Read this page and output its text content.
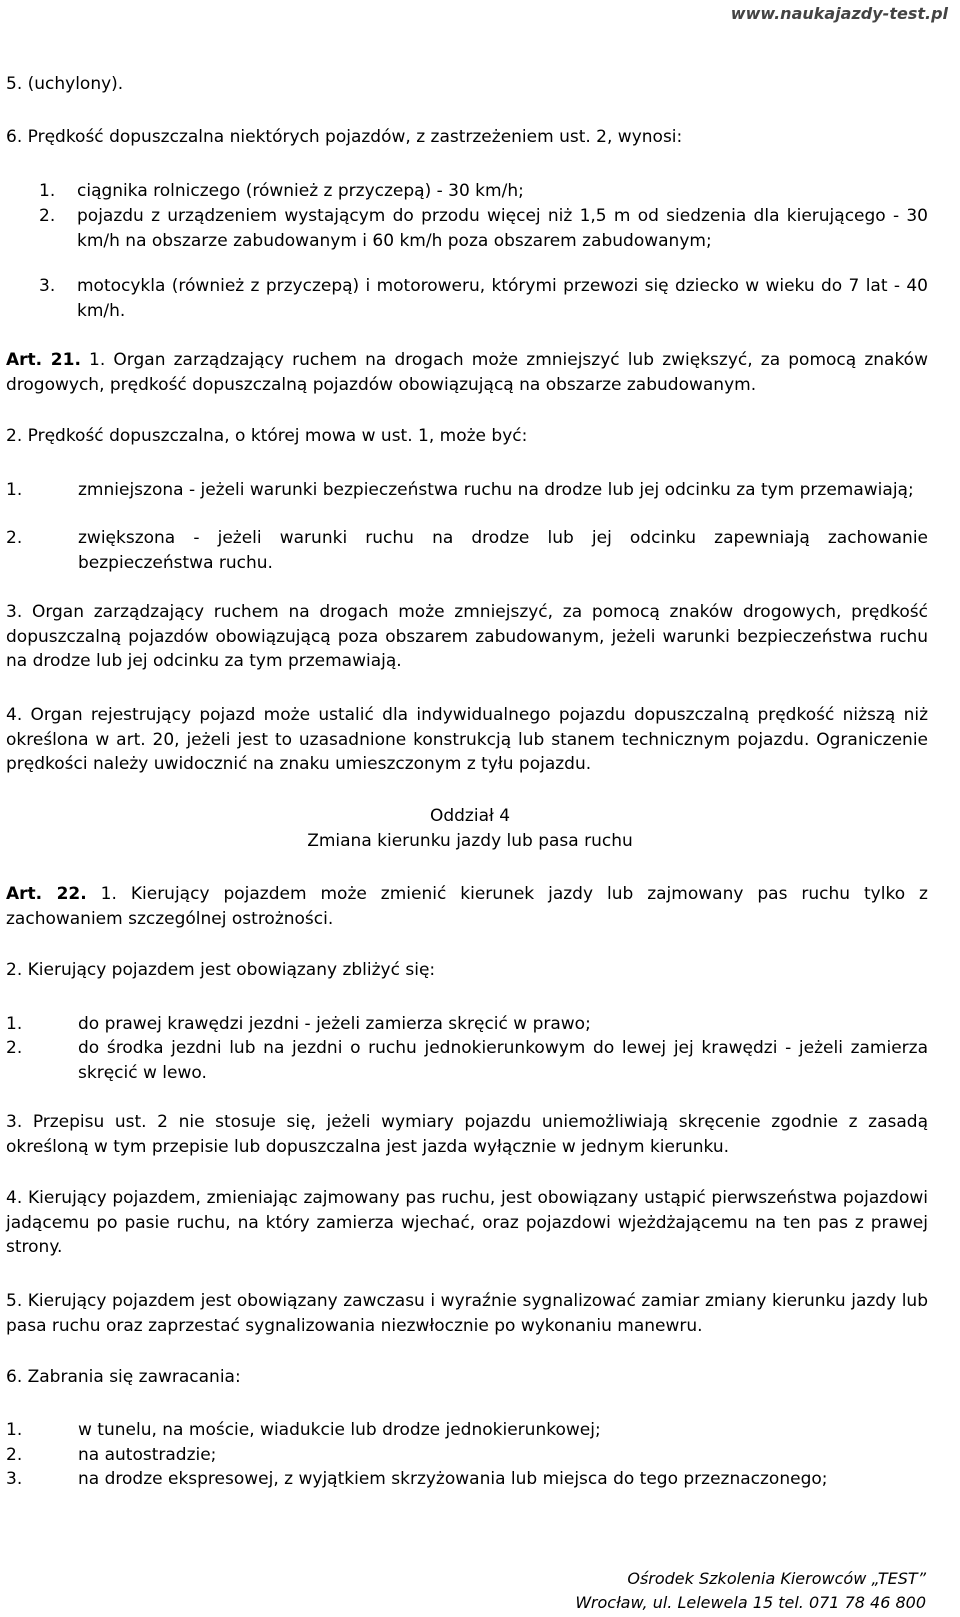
www.naukajazdy-test.pl

5. (uchylony).

6. Prędkość dopuszczalna niektórych pojazdów, z zastrzeżeniem ust. 2, wynosi:

1.	ciągnika rolniczego (również z przyczepą) - 30 km/h;
2.	pojazdu z urządzeniem wystającym do przodu więcej niż 1,5 m od siedzenia dla kierującego - 30 km/h na obszarze zabudowanym i 60 km/h poza obszarem zabudowanym;
3.	motocykla (również z przyczepą) i motoroweru, którymi przewozi się dziecko w wieku do 7 lat - 40 km/h.

Art. 21. 1. Organ zarządzający ruchem na drogach może zmniejszyć lub zwiększyć, za pomocą znaków drogowych, prędkość dopuszczalną pojazdów obowiązującą na obszarze zabudowanym.

2. Prędkość dopuszczalna, o której mowa w ust. 1, może być:

1.	zmniejszona - jeżeli warunki bezpieczeństwa ruchu na drodze lub jej odcinku za tym przemawiają;
2.	zwiększona - jeżeli warunki ruchu na drodze lub jej odcinku zapewniają zachowanie bezpieczeństwa ruchu.

3. Organ zarządzający ruchem na drogach może zmniejszyć, za pomocą znaków drogowych, prędkość dopuszczalną pojazdów obowiązującą poza obszarem zabudowanym, jeżeli warunki bezpieczeństwa ruchu na drodze lub jej odcinku za tym przemawiają.

4. Organ rejestrujący pojazd może ustalić dla indywidualnego pojazdu dopuszczalną prędkość niższą niż określona w art. 20, jeżeli jest to uzasadnione konstrukcją lub stanem technicznym pojazdu. Ograniczenie prędkości należy uwidocznić na znaku umieszczonym z tyłu pojazdu.

Oddział 4

Zmiana kierunku jazdy lub pasa ruchu

Art. 22. 1. Kierujący pojazdem może zmienić kierunek jazdy lub zajmowany pas ruchu tylko z zachowaniem szczególnej ostrożności.

2. Kierujący pojazdem jest obowiązany zbliżyć się:

1.	do prawej krawędzi jezdni - jeżeli zamierza skręcić w prawo;
2.	do środka jezdni lub na jezdni o ruchu jednokierunkowym do lewej jej krawędzi - jeżeli zamierza skręcić w lewo.

3. Przepisu ust. 2 nie stosuje się, jeżeli wymiary pojazdu uniemożliwiają skręcenie zgodnie z zasadą określoną w tym przepisie lub dopuszczalna jest jazda wyłącznie w jednym kierunku.

4. Kierujący pojazdem, zmieniając zajmowany pas ruchu, jest obowiązany ustąpić pierwszeństwa pojazdowi jadącemu po pasie ruchu, na który zamierza wjechać, oraz pojazdowi wjeżdżającemu na ten pas z prawej strony.

5. Kierujący pojazdem jest obowiązany zawczasu i wyraźnie sygnalizować zamiar zmiany kierunku jazdy lub pasa ruchu oraz zaprzestać sygnalizowania niezwłocznie po wykonaniu manewru.

6. Zabrania się zawracania:

1.	w tunelu, na moście, wiadukcie lub drodze jednokierunkowej;
2.	na autostradzie;
3.	na drodze ekspresowej, z wyjątkiem skrzyżowania lub miejsca do tego przeznaczonego;
Ośrodek Szkolenia Kierowców „TEST”
Wrocław, ul. Lelewela 15 tel. 071 78 46 800
